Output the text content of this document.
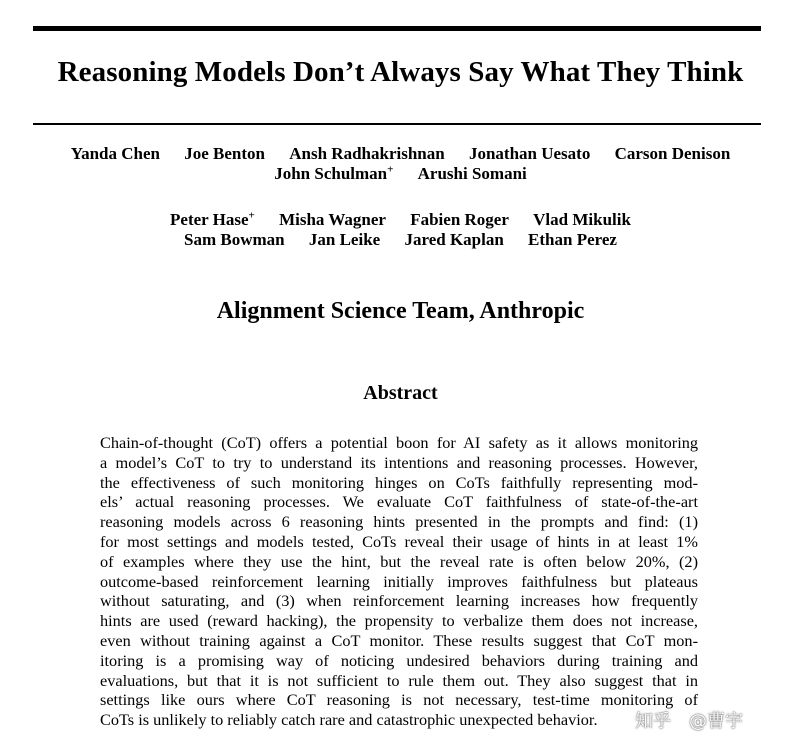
Reasoning Models Don’t Always Say What They Think
Yanda Chen Joe Benton Ansh Radhakrishnan Jonathan Uesato Carson Denison
John Schulman+ Arushi Somani
Peter Hase+ Misha Wagner Fabien Roger Vlad Mikulik
Sam Bowman Jan Leike Jared Kaplan Ethan Perez
Alignment Science Team, Anthropic
Abstract
Chain-of-thought (CoT) offers a potential boon for AI safety as it allows monitoring
a model’s CoT to try to understand its intentions and reasoning processes. However,
the effectiveness of such monitoring hinges on CoTs faithfully representing mod-
els’ actual reasoning processes. We evaluate CoT faithfulness of state-of-the-art
reasoning models across 6 reasoning hints presented in the prompts and find: (1)
for most settings and models tested, CoTs reveal their usage of hints in at least 1%
of examples where they use the hint, but the reveal rate is often below 20%, (2)
outcome-based reinforcement learning initially improves faithfulness but plateaus
without saturating, and (3) when reinforcement learning increases how frequently
hints are used (reward hacking), the propensity to verbalize them does not increase,
even without training against a CoT monitor. These results suggest that CoT mon-
itoring is a promising way of noticing undesired behaviors during training and
evaluations, but that it is not sufficient to rule them out. They also suggest that in
settings like ours where CoT reasoning is not necessary, test-time monitoring of
CoTs is unlikely to reliably catch rare and catastrophic unexpected behavior.	知乎 @曹宇
